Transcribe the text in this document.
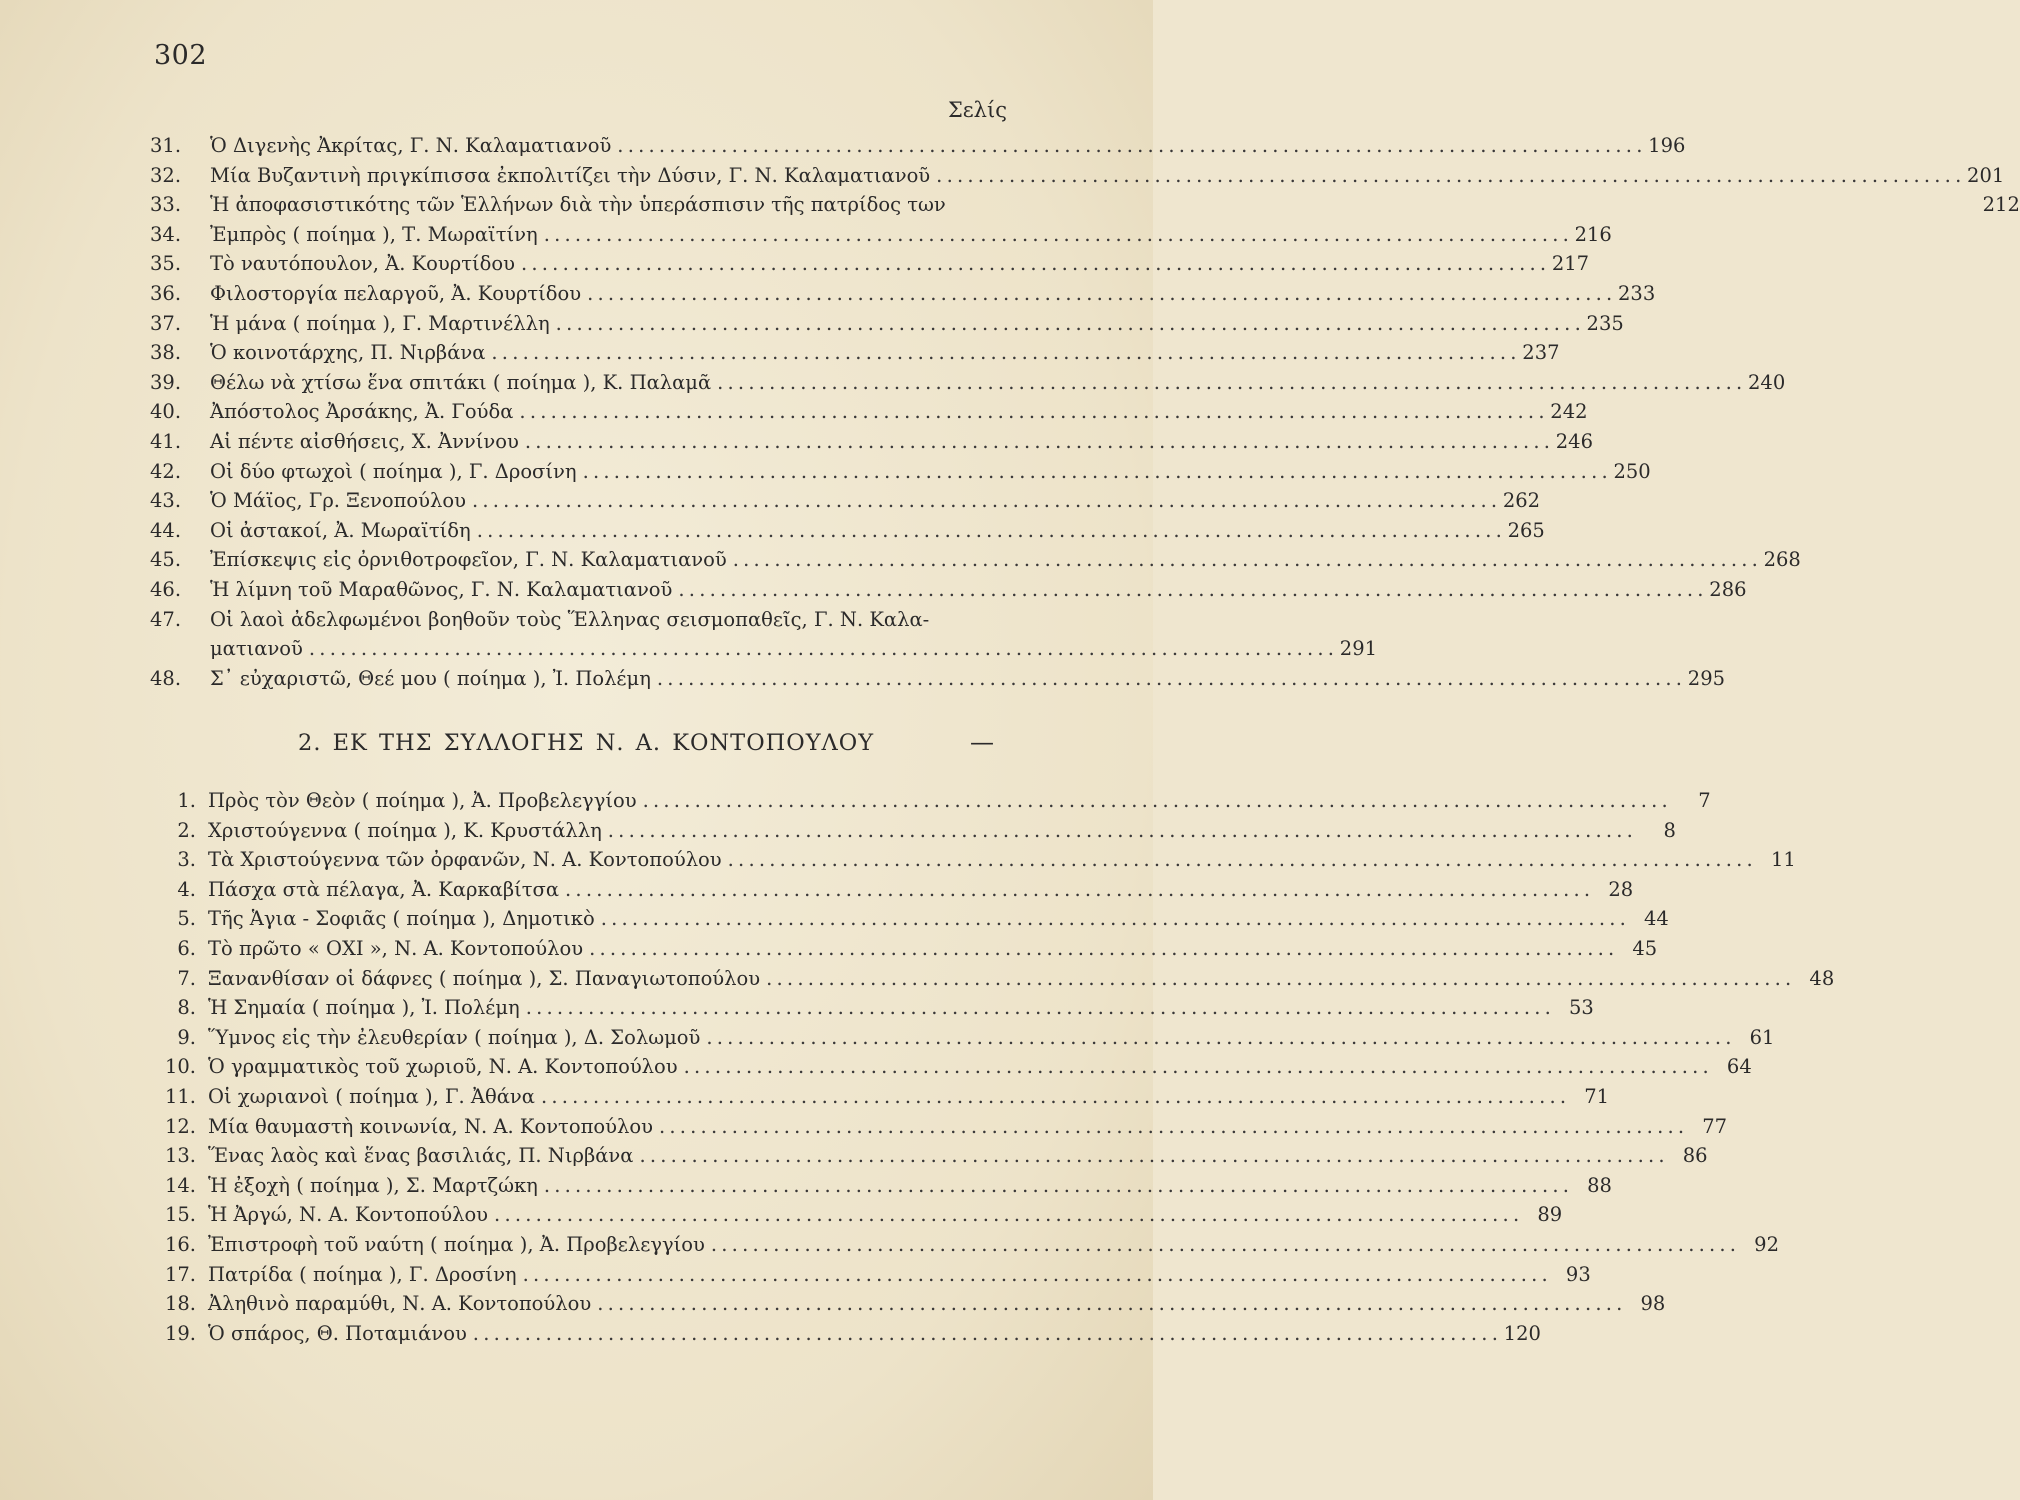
302
Σελίς
31.	Ὁ Διγενὴς Ἀκρίτας, Γ. Ν. Καλαματιανοῦ . . .	196
32.	Μία Βυζαντινὴ πριγκίπισσα ἐκπολιτίζει τὴν Δύσιν, Γ. Ν. Καλαματιανοῦ . . .	201
33.	Ἡ ἀποφασιστικότης τῶν Ἑλλήνων διὰ τὴν ὑπεράσπισιν τῆς πατρίδος των	212
34.	Ἐμπρὸς ( ποίημα ), Τ. Μωραϊτίνη . . .	216
35.	Τὸ ναυτόπουλον, Ἀ. Κουρτίδου . . .	217
36.	Φιλοστοργία πελαργοῦ, Ἀ. Κουρτίδου . . .	233
37.	Ἡ μάνα ( ποίημα ), Γ. Μαρτινέλλη . . .	235
38.	Ὁ κοινοτάρχης, Π. Νιρβάνα . . .	237
39.	Θέλω νὰ χτίσω ἕνα σπιτάκι ( ποίημα ), Κ. Παλαμᾶ . . .	240
40.	Ἀπόστολος Ἀρσάκης, Ἀ. Γούδα . . .	242
41.	Αἱ πέντε αἰσθήσεις, Χ. Ἀννίνου . . .	246
42.	Οἱ δύο φτωχοὶ ( ποίημα ), Γ. Δροσίνη . . .	250
43.	Ὁ Μάϊος, Γρ. Ξενοπούλου . . .	262
44.	Οἱ ἀστακοί, Ἀ. Μωραϊτίδη . . .	265
45.	Ἐπίσκεψις εἰς ὀρνιθοτροφεῖον, Γ. Ν. Καλαματιανοῦ . . .	268
46.	Ἡ λίμνη τοῦ Μαραθῶνος, Γ. Ν. Καλαματιανοῦ . . .	286
47.	Οἱ λαοὶ ἀδελφωμένοι βοηθοῦν τοὺς Ἕλληνας σεισμοπαθεῖς, Γ. Ν. Καλα-
ματιανοῦ . . .	291
48.	Σ᾽ εὐχαριστῶ, Θεέ μου ( ποίημα ), Ἰ. Πολέμη . . .	295
2. ΕΚ ΤΗΣ ΣΥΛΛΟΓΗΣ Ν. Α. ΚΟΝΤΟΠΟΥΛΟΥ	—
1. Πρὸς τὸν Θεὸν ( ποίημα ), Ἀ. Προβελεγγίου . . .	7
2. Χριστούγεννα ( ποίημα ), Κ. Κρυστάλλη . . .	8
3. Τὰ Χριστούγεννα τῶν ὀρφανῶν, Ν. Α. Κοντοπούλου . . .	11
4. Πάσχα στὰ πέλαγα, Ἀ. Καρκαβίτσα . . .	28
5. Τῆς Ἁγια - Σοφιᾶς ( ποίημα ), Δημοτικὸ . . .	44
6. Τὸ πρῶτο « ΟΧΙ », Ν. Α. Κοντοπούλου . . .	45
7. Ξανανθίσαν οἱ δάφνες ( ποίημα ), Σ. Παναγιωτοπούλου . . .	48
8. Ἡ Σημαία ( ποίημα ), Ἰ. Πολέμη . . .	53
9. Ὕμνος εἰς τὴν ἐλευθερίαν ( ποίημα ), Δ. Σολωμοῦ . . .	61
10. Ὁ γραμματικὸς τοῦ χωριοῦ, Ν. Α. Κοντοπούλου . . .	64
11. Οἱ χωριανοὶ ( ποίημα ), Γ. Ἀθάνα . . .	71
12. Μία θαυμαστὴ κοινωνία, Ν. Α. Κοντοπούλου . . .	77
13. Ἕνας λαὸς καὶ ἕνας βασιλιάς, Π. Νιρβάνα . . .	86
14. Ἡ ἐξοχὴ ( ποίημα ), Σ. Μαρτζώκη . . .	88
15. Ἡ Ἀργώ, Ν. Α. Κοντοπούλου . . .	89
16. Ἐπιστροφὴ τοῦ ναύτη ( ποίημα ), Ἀ. Προβελεγγίου . . .	92
17. Πατρίδα ( ποίημα ), Γ. Δροσίνη . . .	93
18. Ἀληθινὸ παραμύθι, Ν. Α. Κοντοπούλου . . .	98
19. Ὁ σπάρος, Θ. Ποταμιάνου . . .	120
